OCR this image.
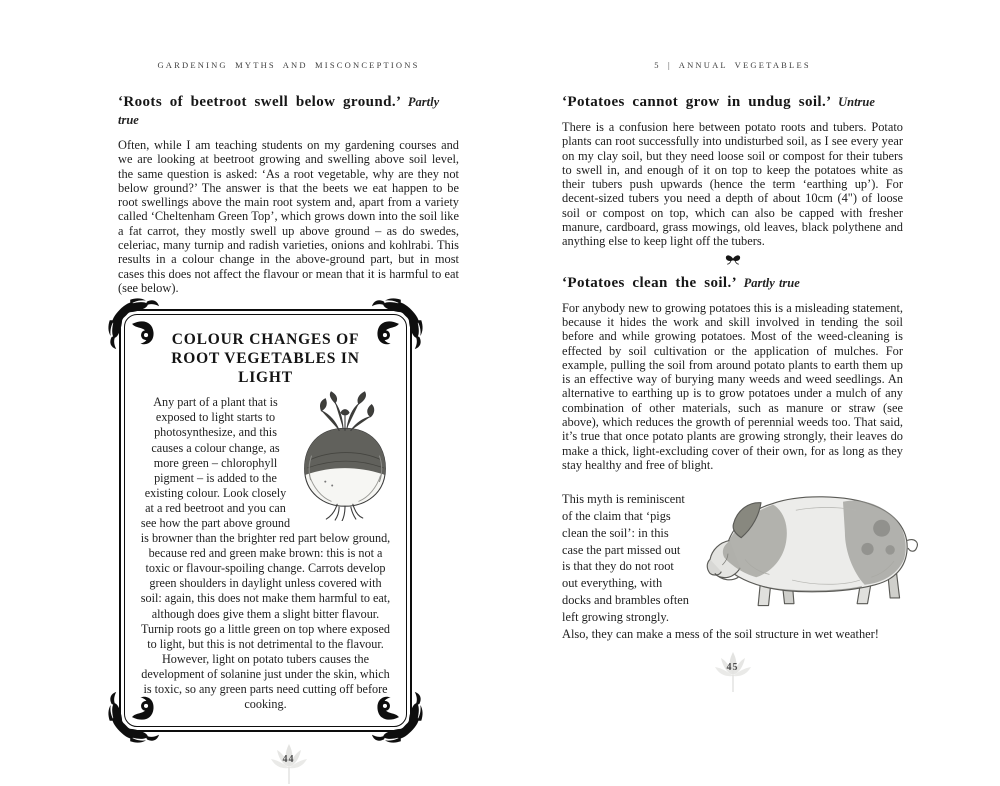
GARDENING MYTHS AND MISCONCEPTIONS
‘Roots of beetroot swell below ground.’ Partly true

Often, while I am teaching students on my gardening courses and we are looking at beetroot growing and swelling above soil level, the same question is asked: ‘As a root vegetable, why are they not below ground?’ The answer is that the beets we eat happen to be root swellings above the main root system and, apart from a variety called ‘Cheltenham Green Top’, which grows down into the soil like a fat carrot, they mostly swell up above ground – as do swedes, celeriac, many turnip and radish varieties, onions and kohlrabi. This results in a colour change in the above-ground part, but in most cases this does not affect the flavour or mean that it is harmful to eat (see below).

COLOUR CHANGES OF ROOT VEGETABLES IN LIGHT

Any part of a plant that is exposed to light starts to photosynthesize, and this causes a colour change, as more green – chlorophyll pigment – is added to the existing colour. Look closely at a red beetroot and you can see how the part above ground is browner than the brighter red part below ground, because red and green make brown: this is not a toxic or flavour-spoiling change. Carrots develop green shoulders in daylight unless covered with soil: again, this does not make them harmful to eat, although does give them a slight bitter flavour. Turnip roots go a little green on top where exposed to light, but this is not detrimental to the flavour. However, light on potato tubers causes the development of solanine just under the skin, which is toxic, so any green parts need cutting off before cooking.

44
5 | ANNUAL VEGETABLES
‘Potatoes cannot grow in undug soil.’ Untrue

There is a confusion here between potato roots and tubers. Potato plants can root successfully into undisturbed soil, as I see every year on my clay soil, but they need loose soil or compost for their tubers to swell in, and enough of it on top to keep the potatoes white as their tubers push upwards (hence the term ‘earthing up’). For decent-sized tubers you need a depth of about 10cm (4") of loose soil or compost on top, which can also be capped with fresher manure, cardboard, grass mowings, old leaves, black polythene and anything else to keep light off the tubers.

‘Potatoes clean the soil.’ Partly true

For anybody new to growing potatoes this is a misleading statement, because it hides the work and skill involved in tending the soil before and while growing potatoes. Most of the weed-cleaning is effected by soil cultivation or the application of mulches. For example, pulling the soil from around potato plants to earth them up is an effective way of burying many weeds and weed seedlings. An alternative to earthing up is to grow potatoes under a mulch of any combination of other materials, such as manure or straw (see above), which reduces the growth of perennial weeds too. That said, it’s true that once potato plants are growing strongly, their leaves do make a thick, light-excluding cover of their own, for as long as they stay healthy and free of blight.

This myth is reminiscent of the claim that ‘pigs clean the soil’: in this case the part missed out is that they do not root out everything, with docks and brambles often left growing strongly. Also, they can make a mess of the soil structure in wet weather!

45
